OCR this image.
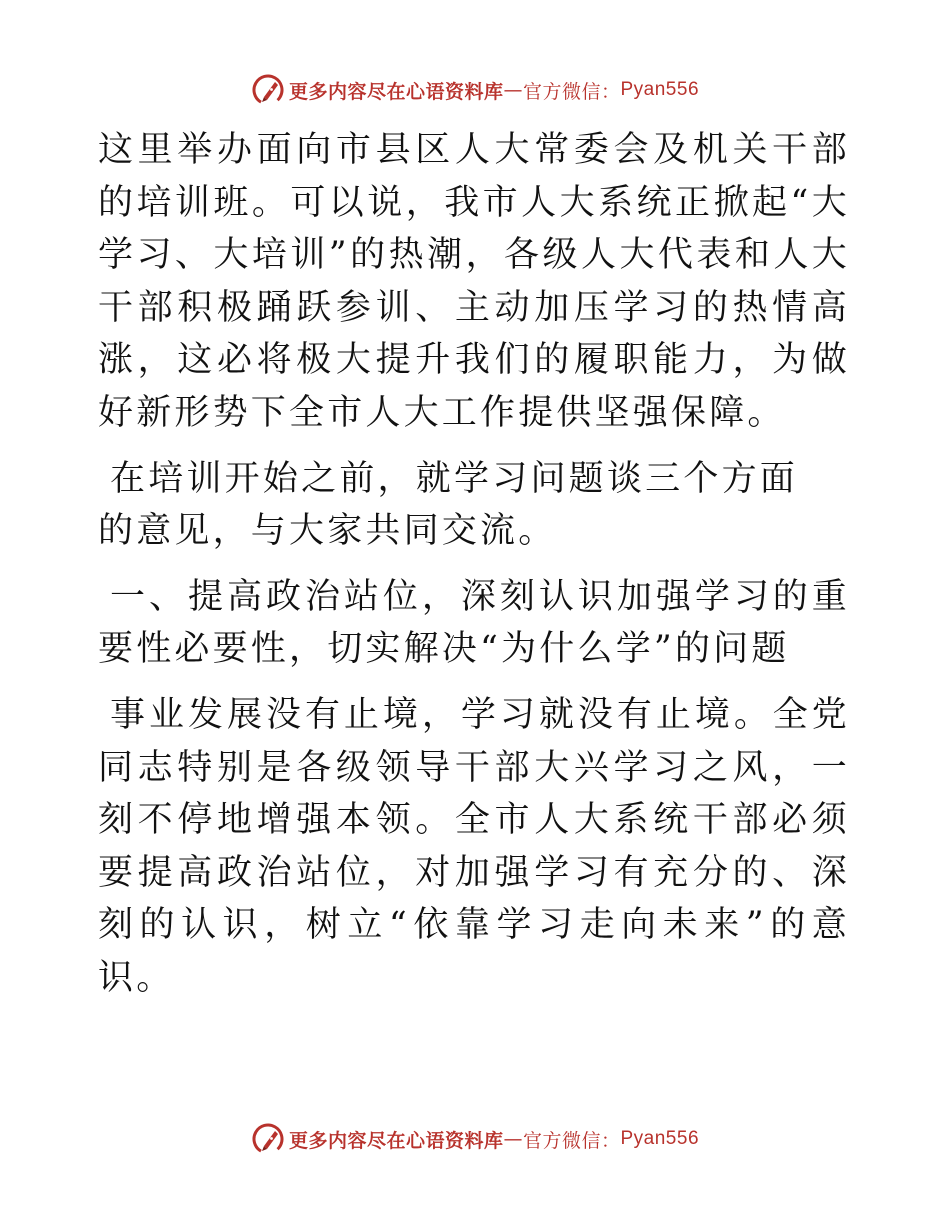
更多内容尽在心语资料库 — 官方微信： Pyan556

这里举办面向市县区人大常委会及机关干部的培训班。可以说，我市人大系统正掀起“大学习、大培训”的热潮，各级人大代表和人大干部积极踊跃参训、主动加压学习的热情高涨，这必将极大提升我们的履职能力，为做好新形势下全市人大工作提供坚强保障。

在培训开始之前，就学习问题谈三个方面的意见，与大家共同交流。

一、提高政治站位，深刻认识加强学习的重要性必要性，切实解决“为什么学”的问题

事业发展没有止境，学习就没有止境。全党同志特别是各级领导干部大兴学习之风，一刻不停地增强本领。全市人大系统干部必须要提高政治站位，对加强学习有充分的、深刻的认识，树立“依靠学习走向未来”的意识。

更多内容尽在心语资料库 — 官方微信： Pyan556
